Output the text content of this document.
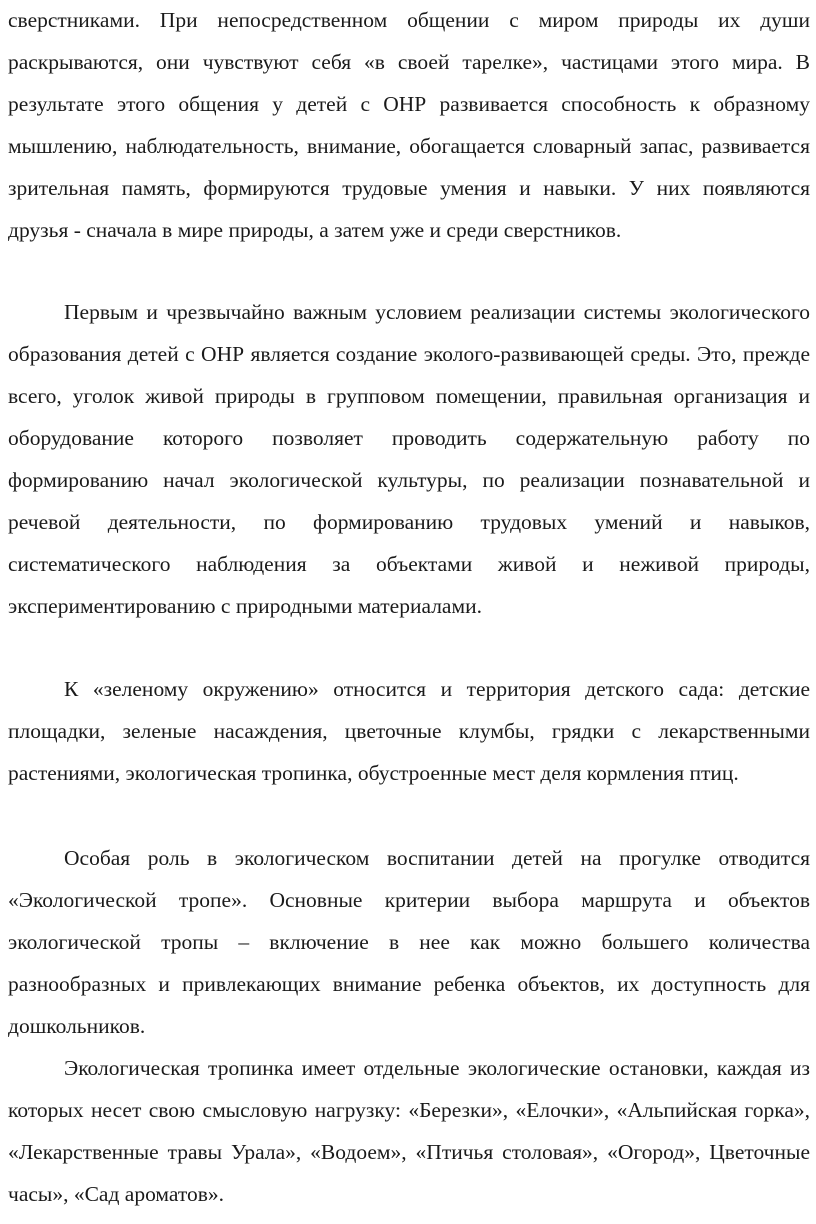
сверстниками. При непосредственном общении с миром природы их души раскрываются, они чувствуют себя «в своей тарелке», частицами этого мира. В результате этого общения у детей с ОНР развивается способность к образному мышлению, наблюдательность, внимание, обогащается словарный запас, развивается зрительная память, формируются трудовые умения и навыки. У них появляются друзья - сначала в мире природы, а затем уже и среди сверстников.

Первым и чрезвычайно важным условием реализации системы экологического образования детей с ОНР является создание эколого-развивающей среды. Это, прежде всего, уголок живой природы в групповом помещении, правильная организация и оборудование которого позволяет проводить содержательную работу по формированию начал экологической культуры, по реализации познавательной и речевой деятельности, по формированию трудовых умений и навыков, систематического наблюдения за объектами живой и неживой природы, экспериментированию с природными материалами.

К «зеленому окружению» относится и территория детского сада: детские площадки, зеленые насаждения, цветочные клумбы, грядки с лекарственными растениями, экологическая тропинка, обустроенные мест деля кормления птиц.

Особая роль в экологическом воспитании детей на прогулке отводится «Экологической тропе». Основные критерии выбора маршрута и объектов экологической тропы – включение в нее как можно большего количества разнообразных и привлекающих внимание ребенка объектов, их доступность для дошкольников.

Экологическая тропинка имеет отдельные экологические остановки, каждая из которых несет свою смысловую нагрузку: «Березки», «Елочки», «Альпийская горка», «Лекарственные травы Урала», «Водоем», «Птичья столовая», «Огород», Цветочные часы», «Сад ароматов».
